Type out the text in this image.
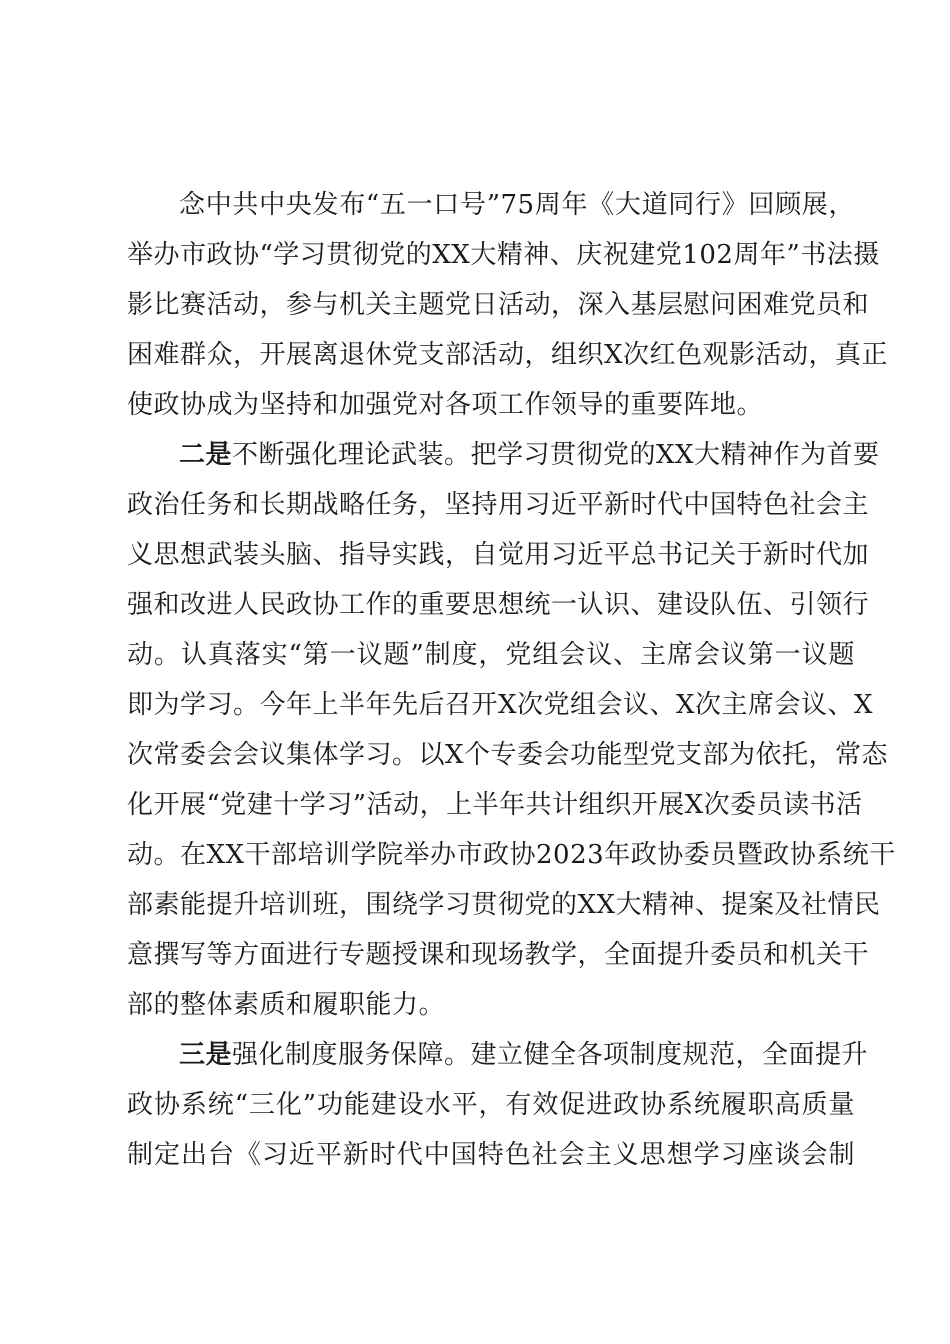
念中共中央发布“五一口号”75周年《大道同行》回顾展，
举办市政协“学习贯彻党的XX大精神、庆祝建党102周年”书法摄
影比赛活动，参与机关主题党日活动，深入基层慰问困难党员和
困难群众，开展离退休党支部活动，组织X次红色观影活动，真正
使政协成为坚持和加强党对各项工作领导的重要阵地。
二是不断强化理论武装。把学习贯彻党的XX大精神作为首要
政治任务和长期战略任务，坚持用习近平新时代中国特色社会主
义思想武装头脑、指导实践，自觉用习近平总书记关于新时代加
强和改进人民政协工作的重要思想统一认识、建设队伍、引领行
动。认真落实“第一议题”制度，党组会议、主席会议第一议题
即为学习。今年上半年先后召开X次党组会议、X次主席会议、X
次常委会会议集体学习。以X个专委会功能型党支部为依托，常态
化开展“党建十学习”活动，上半年共计组织开展X次委员读书活
动。在XX干部培训学院举办市政协2023年政协委员暨政协系统干
部素能提升培训班，围绕学习贯彻党的XX大精神、提案及社情民
意撰写等方面进行专题授课和现场教学，全面提升委员和机关干
部的整体素质和履职能力。
三是强化制度服务保障。建立健全各项制度规范，全面提升
政协系统“三化”功能建设水平，有效促进政协系统履职高质量
制定出台《习近平新时代中国特色社会主义思想学习座谈会制
